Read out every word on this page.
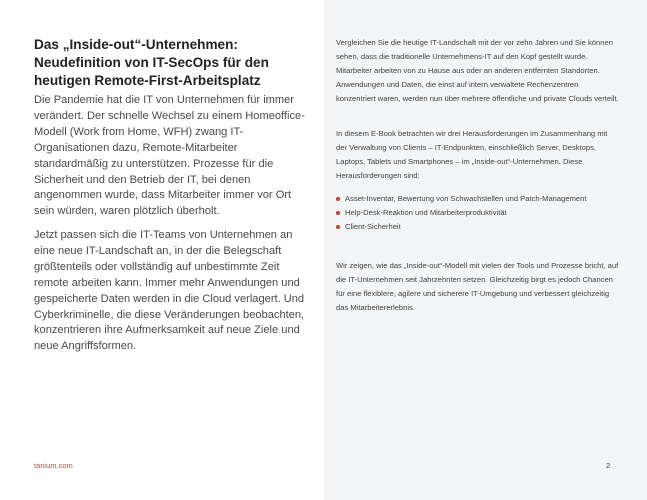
Das „Inside-out“-Unternehmen:
Neudefinition von IT-SecOps für den
heutigen Remote-First-Arbeitsplatz

Die Pandemie hat die IT von Unternehmen für immer verändert. Der schnelle Wechsel zu einem Homeoffice-Modell (Work from Home, WFH) zwang IT-Organisationen dazu, Remote-Mitarbeiter standardmäßig zu unterstützen. Prozesse für die Sicherheit und den Betrieb der IT, bei denen angenommen wurde, dass Mitarbeiter immer vor Ort sein würden, waren plötzlich überholt.

Jetzt passen sich die IT-Teams von Unternehmen an eine neue IT-Landschaft an, in der die Belegschaft größtenteils oder vollständig auf unbestimmte Zeit remote arbeiten kann. Immer mehr Anwendungen und gespeicherte Daten werden in die Cloud verlagert. Und Cyberkriminelle, die diese Veränderungen beobachten, konzentrieren ihre Aufmerksamkeit auf neue Ziele und neue Angriffsformen.

Vergleichen Sie die heutige IT-Landschaft mit der vor zehn Jahren und Sie können sehen, dass die traditionelle Unternehmens-IT auf den Kopf gestellt wurde. Mitarbeiter arbeiten von zu Hause aus oder an anderen entfernten Standorten. Anwendungen und Daten, die einst auf intern verwaltete Rechenzentren konzentriert waren, werden nun über mehrere öffentliche und private Clouds verteilt.

In diesem E-Book betrachten wir drei Herausforderungen im Zusammenhang mit der Verwaltung von Clients – IT-Endpunkten, einschließlich Server, Desktops, Laptops, Tablets und Smartphones – im „Inside-out“-Unternehmen. Diese Herausforderungen sind:

Asset-Inventar, Bewertung von Schwachstellen und Patch-Management
Help-Desk-Reaktion und Mitarbeiterproduktivität
Client-Sicherheit

Wir zeigen, wie das „Inside-out“-Modell mit vielen der Tools und Prozesse bricht, auf die IT-Unternehmen seit Jahrzehnten setzen. Gleichzeitig birgt es jedoch Chancen für eine flexiblere, agilere und sicherere IT-Umgebung und verbessert gleichzeitig das Mitarbeitererlebnis.

tanium.com	2
